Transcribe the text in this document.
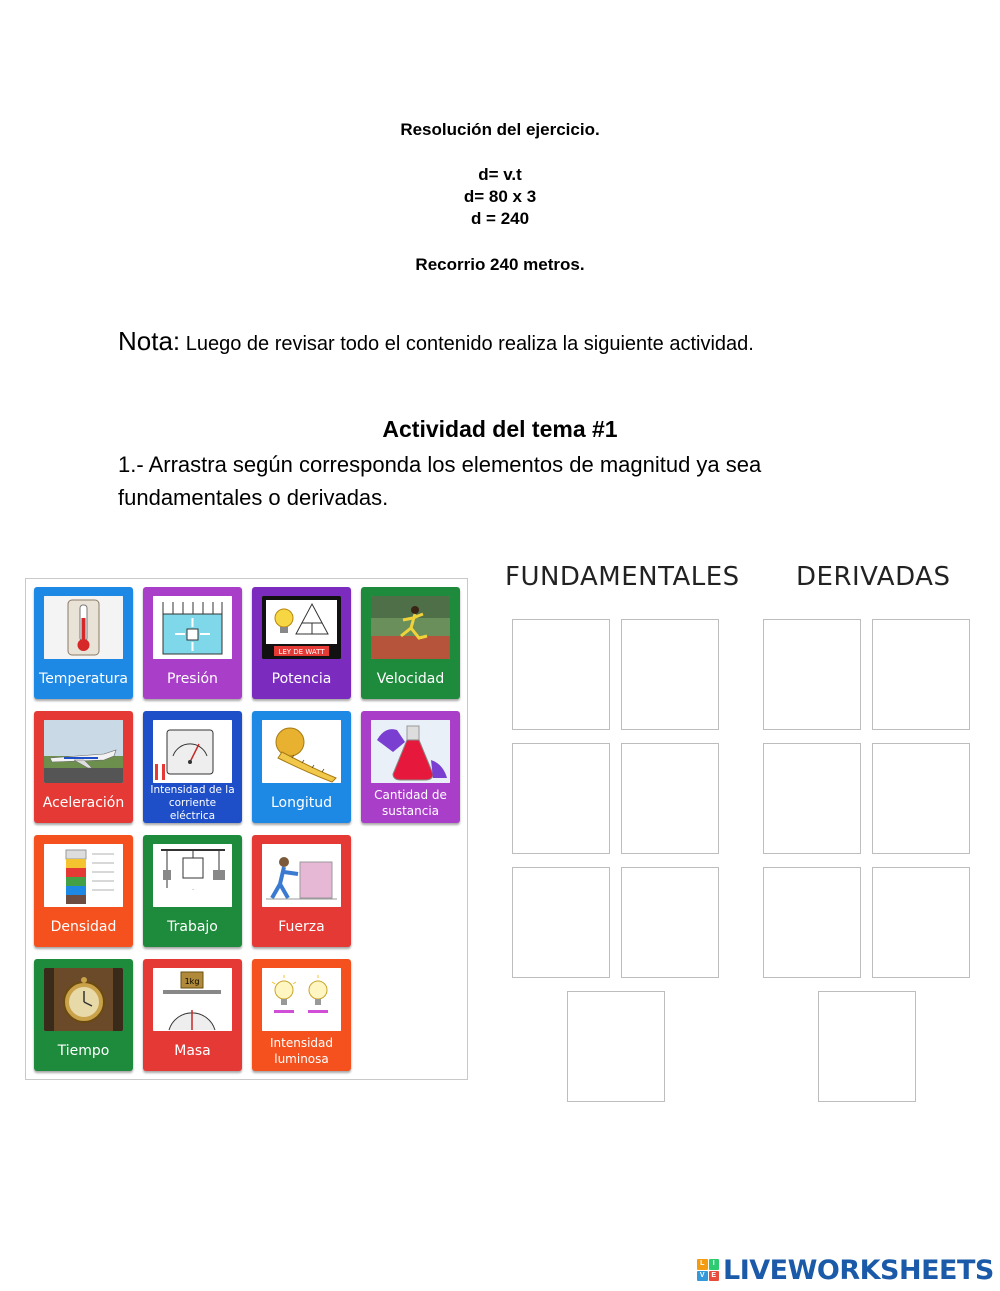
Resolución del ejercicio.
d= v.t
d= 80 x 3
d = 240
Recorrio 240 metros.
Nota: Luego de revisar todo el contenido realiza la siguiente actividad.
Actividad del tema #1
1.- Arrastra según corresponda los elementos de magnitud ya sea fundamentales o derivadas.
Temperatura	Presión
LEY DE WATT
Potencia	Velocidad
Aceleración
Intensidad de la corriente eléctrica
Longitud	Cantidad de sustancia
Densidad
·
Trabajo	Fuerza
Tiempo
1kg
Masa	Intensidad luminosa
FUNDAMENTALES DERIVADAS
L	I
V E LIVEWORKSHEETS
